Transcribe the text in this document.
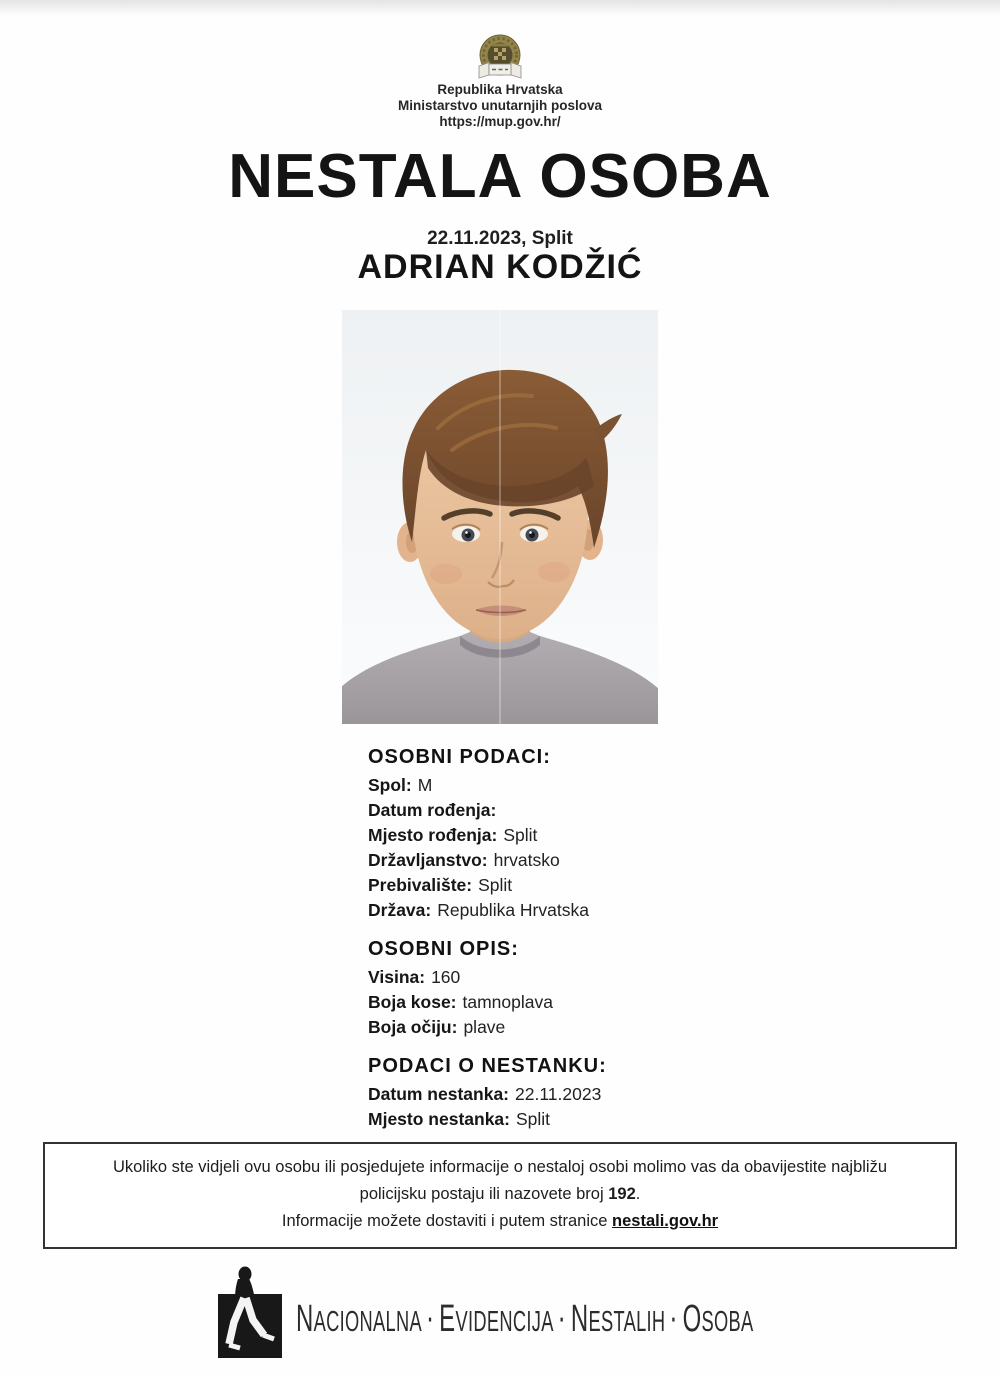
Republika Hrvatska
Ministarstvo unutarnjih poslova
https://mup.gov.hr/
NESTALA OSOBA
22.11.2023, Split
ADRIAN KODŽIĆ
OSOBNI PODACI:
Spol: M
Datum rođenja:
Mjesto rođenja: Split
Državljanstvo: hrvatsko
Prebivalište: Split
Država: Republika Hrvatska
OSOBNI OPIS:
Visina: 160
Boja kose: tamnoplava
Boja očiju: plave
PODACI O NESTANKU:
Datum nestanka: 22.11.2023
Mjesto nestanka: Split
Ukoliko ste vidjeli ovu osobu ili posjedujete informacije o nestaloj osobi molimo vas da obavijestite najbližu
policijsku postaju ili nazovete broj 192.
Informacije možete dostaviti i putem stranice nestali.gov.hr
NACIONALNA · EVIDENCIJA · NESTALIH · OSOBA
